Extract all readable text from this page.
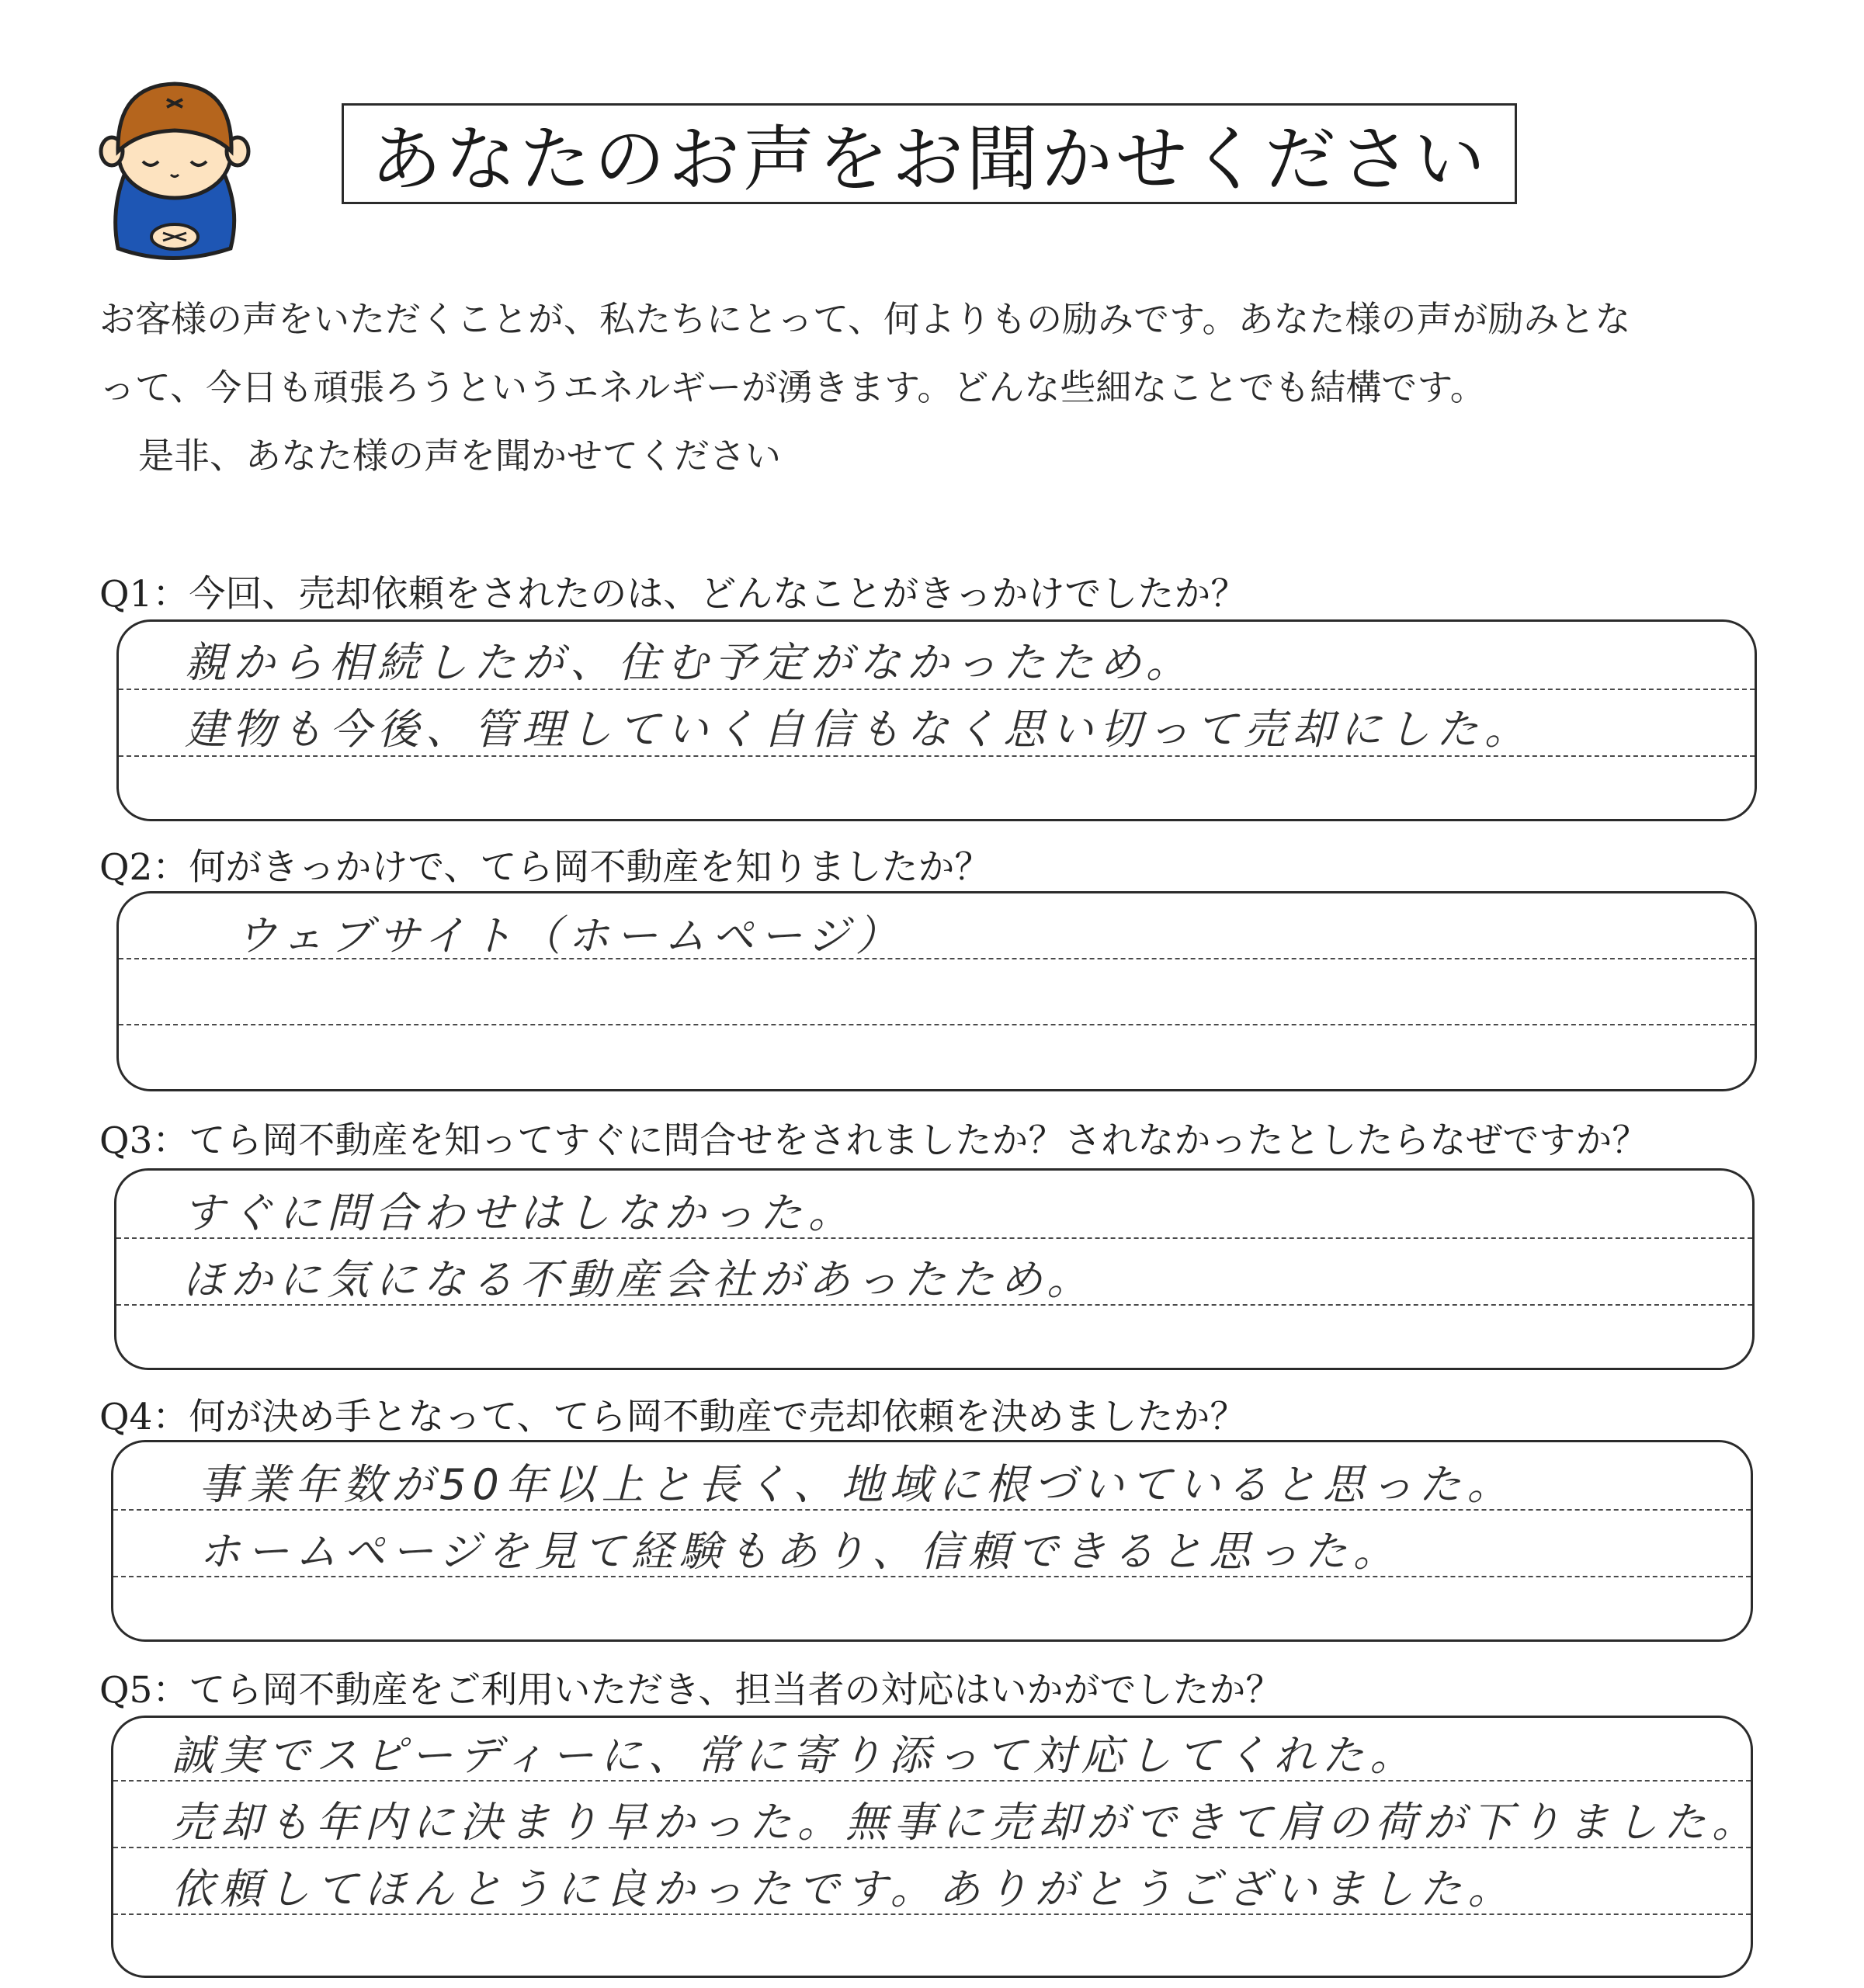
あなたのお声をお聞かせください
お客様の声をいただくことが、私たちにとって、何よりもの励みです。あなた様の声が励みとな
って、今日も頑張ろうというエネルギーが湧きます。どんな些細なことでも結構です。
是非、あなた様の声を聞かせてください
Q1：今回、売却依頼をされたのは、どんなことがきっかけでしたか？
親から相続したが、住む予定がなかったため。
建物も今後、管理していく自信もなく思い切って売却にした。
Q2：何がきっかけで、てら岡不動産を知りましたか？
ウェブサイト（ホームページ）
Q3：てら岡不動産を知ってすぐに問合せをされましたか？されなかったとしたらなぜですか？
すぐに問合わせはしなかった。
ほかに気になる不動産会社があったため。
Q4：何が決め手となって、てら岡不動産で売却依頼を決めましたか？
事業年数が50年以上と長く、地域に根づいていると思った。
ホームページを見て経験もあり、信頼できると思った。
Q5：てら岡不動産をご利用いただき、担当者の対応はいかがでしたか？
誠実でスピーディーに、常に寄り添って対応してくれた。
売却も年内に決まり早かった。無事に売却ができて肩の荷が下りました。
依頼してほんとうに良かったです。ありがとうございました。
